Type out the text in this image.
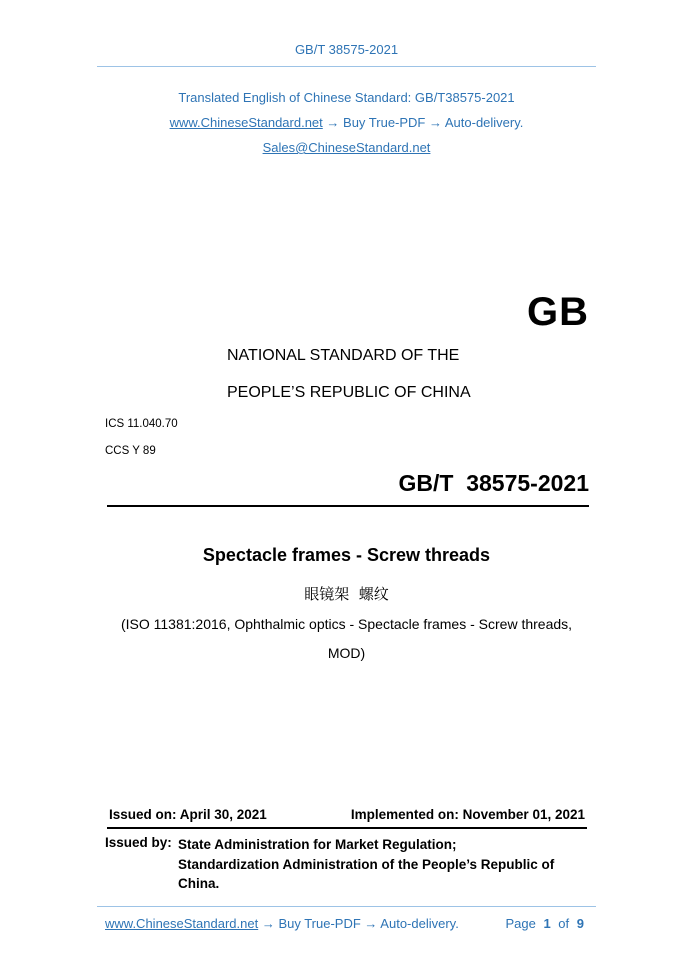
GB/T 38575-2021
Translated English of Chinese Standard: GB/T38575-2021
www.ChineseStandard.net → Buy True-PDF → Auto-delivery.
Sales@ChineseStandard.net
GB
NATIONAL STANDARD OF THE
PEOPLE’S REPUBLIC OF CHINA
ICS 11.040.70
CCS Y 89
GB/T  38575-2021
Spectacle frames - Screw threads
眼镜架  螺纹
(ISO 11381:2016, Ophthalmic optics - Spectacle frames - Screw threads,
MOD)
Issued on: April 30, 2021	Implemented on: November 01, 2021
Issued by: State Administration for Market Regulation;
Standardization Administration of the People’s Republic of
China.
www.ChineseStandard.net → Buy True-PDF → Auto-delivery.	Page 1 of 9
